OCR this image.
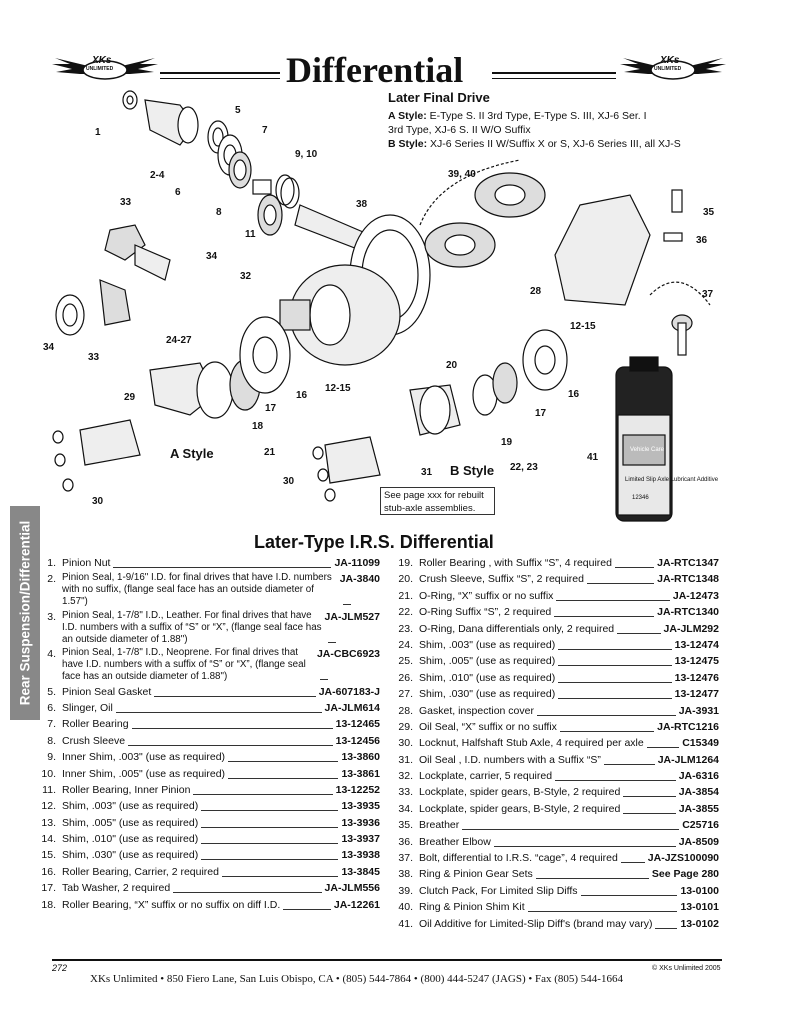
XKs
UNLIMITED
XKs
UNLIMITED
Differential
Later Final Drive
A Style: E-Type S. II 3rd Type, E-Type S. III, XJ-6 Ser. I
3rd Type, XJ-6 S. II W/O Suffix
B Style: XJ-6 Series II W/Suffix X or S, XJ-6 Series III, all XJ-S
1
5
7
9, 10
2-4
6
8
11
33
34
38
39, 40
35
36
32
28	37
34
33
24-27
12-15
12-15
20
29
17
16	16
17
18
21
19
41
22, 23
30
31
30
A Style
B Style
Vehicle Care
Limited Slip Axle Lubricant Additive
12346
See page xxx for rebuilt stub-axle assemblies.
Rear Suspension/Differential	Later-Type I.R.S. Differential
1. Pinion Nut	JA-11099
2. Pinion Seal, 1-9/16" I.D. for final drives that have I.D. numbers with no suffix, (flange seal face has an outside diameter of 1.57")
JA-3840
3. Pinion Seal, 1-7/8" I.D., Leather. For final drives that have I.D. numbers with a suffix of “S” or “X”, (flange seal face has an outside diameter of 1.88")
JA-JLM527
4. Pinion Seal, 1-7/8" I.D., Neoprene. For final drives that have I.D. numbers with a suffix of “S” or “X”, (flange seal face has an outside diameter of 1.88")
JA-CBC6923
5. Pinion Seal Gasket	JA-607183-J
6. Slinger, Oil	JA-JLM614
7. Roller Bearing	13-12465
8. Crush Sleeve	13-12456
9. Inner Shim, .003" (use as required)	13-3860
10. Inner Shim, .005" (use as required)	13-3861
11. Roller Bearing, Inner Pinion	13-12252
12. Shim, .003" (use as required)	13-3935
13. Shim, .005" (use as required)	13-3936
14. Shim, .010" (use as required)	13-3937
15. Shim, .030" (use as required)	13-3938
16. Roller Bearing, Carrier, 2 required	13-3845
17. Tab Washer, 2 required	JA-JLM556
18. Roller Bearing, “X” suffix or no suffix on diff I.D.	JA-12261
19. Roller Bearing , with Suffix “S”, 4 required	JA-RTC1347
20. Crush Sleeve, Suffix “S”, 2 required	JA-RTC1348
21. O-Ring, “X” suffix or no suffix	JA-12473
22. O-Ring Suffix “S”, 2 required	JA-RTC1340
23. O-Ring, Dana differentials only, 2 required	JA-JLM292
24. Shim, .003" (use as required)	13-12474
25. Shim, .005" (use as required)	13-12475
26. Shim, .010" (use as required)	13-12476
27. Shim, .030" (use as required)	13-12477
28. Gasket, inspection cover	JA-3931
29. Oil Seal, “X” suffix or no suffix	JA-RTC1216
30. Locknut, Halfshaft Stub Axle, 4 required per axle	C15349
31. Oil Seal , I.D. numbers with a Suffix “S”	JA-JLM1264
32. Lockplate, carrier, 5 required	JA-6316
33. Lockplate, spider gears, B-Style, 2 required	JA-3854
34. Lockplate, spider gears, B-Style, 2 required	JA-3855
35. Breather	C25716
36. Breather Elbow	JA-8509
37. Bolt, differential to I.R.S. “cage”, 4 required	JA-JZS100090
38. Ring & Pinion Gear Sets	See Page 280
39. Clutch Pack, For Limited Slip Diffs	13-0100
40. Ring & Pinion Shim Kit	13-0101
41. Oil Additive for Limited-Slip Diff's (brand may vary)	13-0102
272	© XKs Unlimited 2005
XKs Unlimited • 850 Fiero Lane, San Luis Obispo, CA • (805) 544-7864 • (800) 444-5247 (JAGS) • Fax (805) 544-1664
